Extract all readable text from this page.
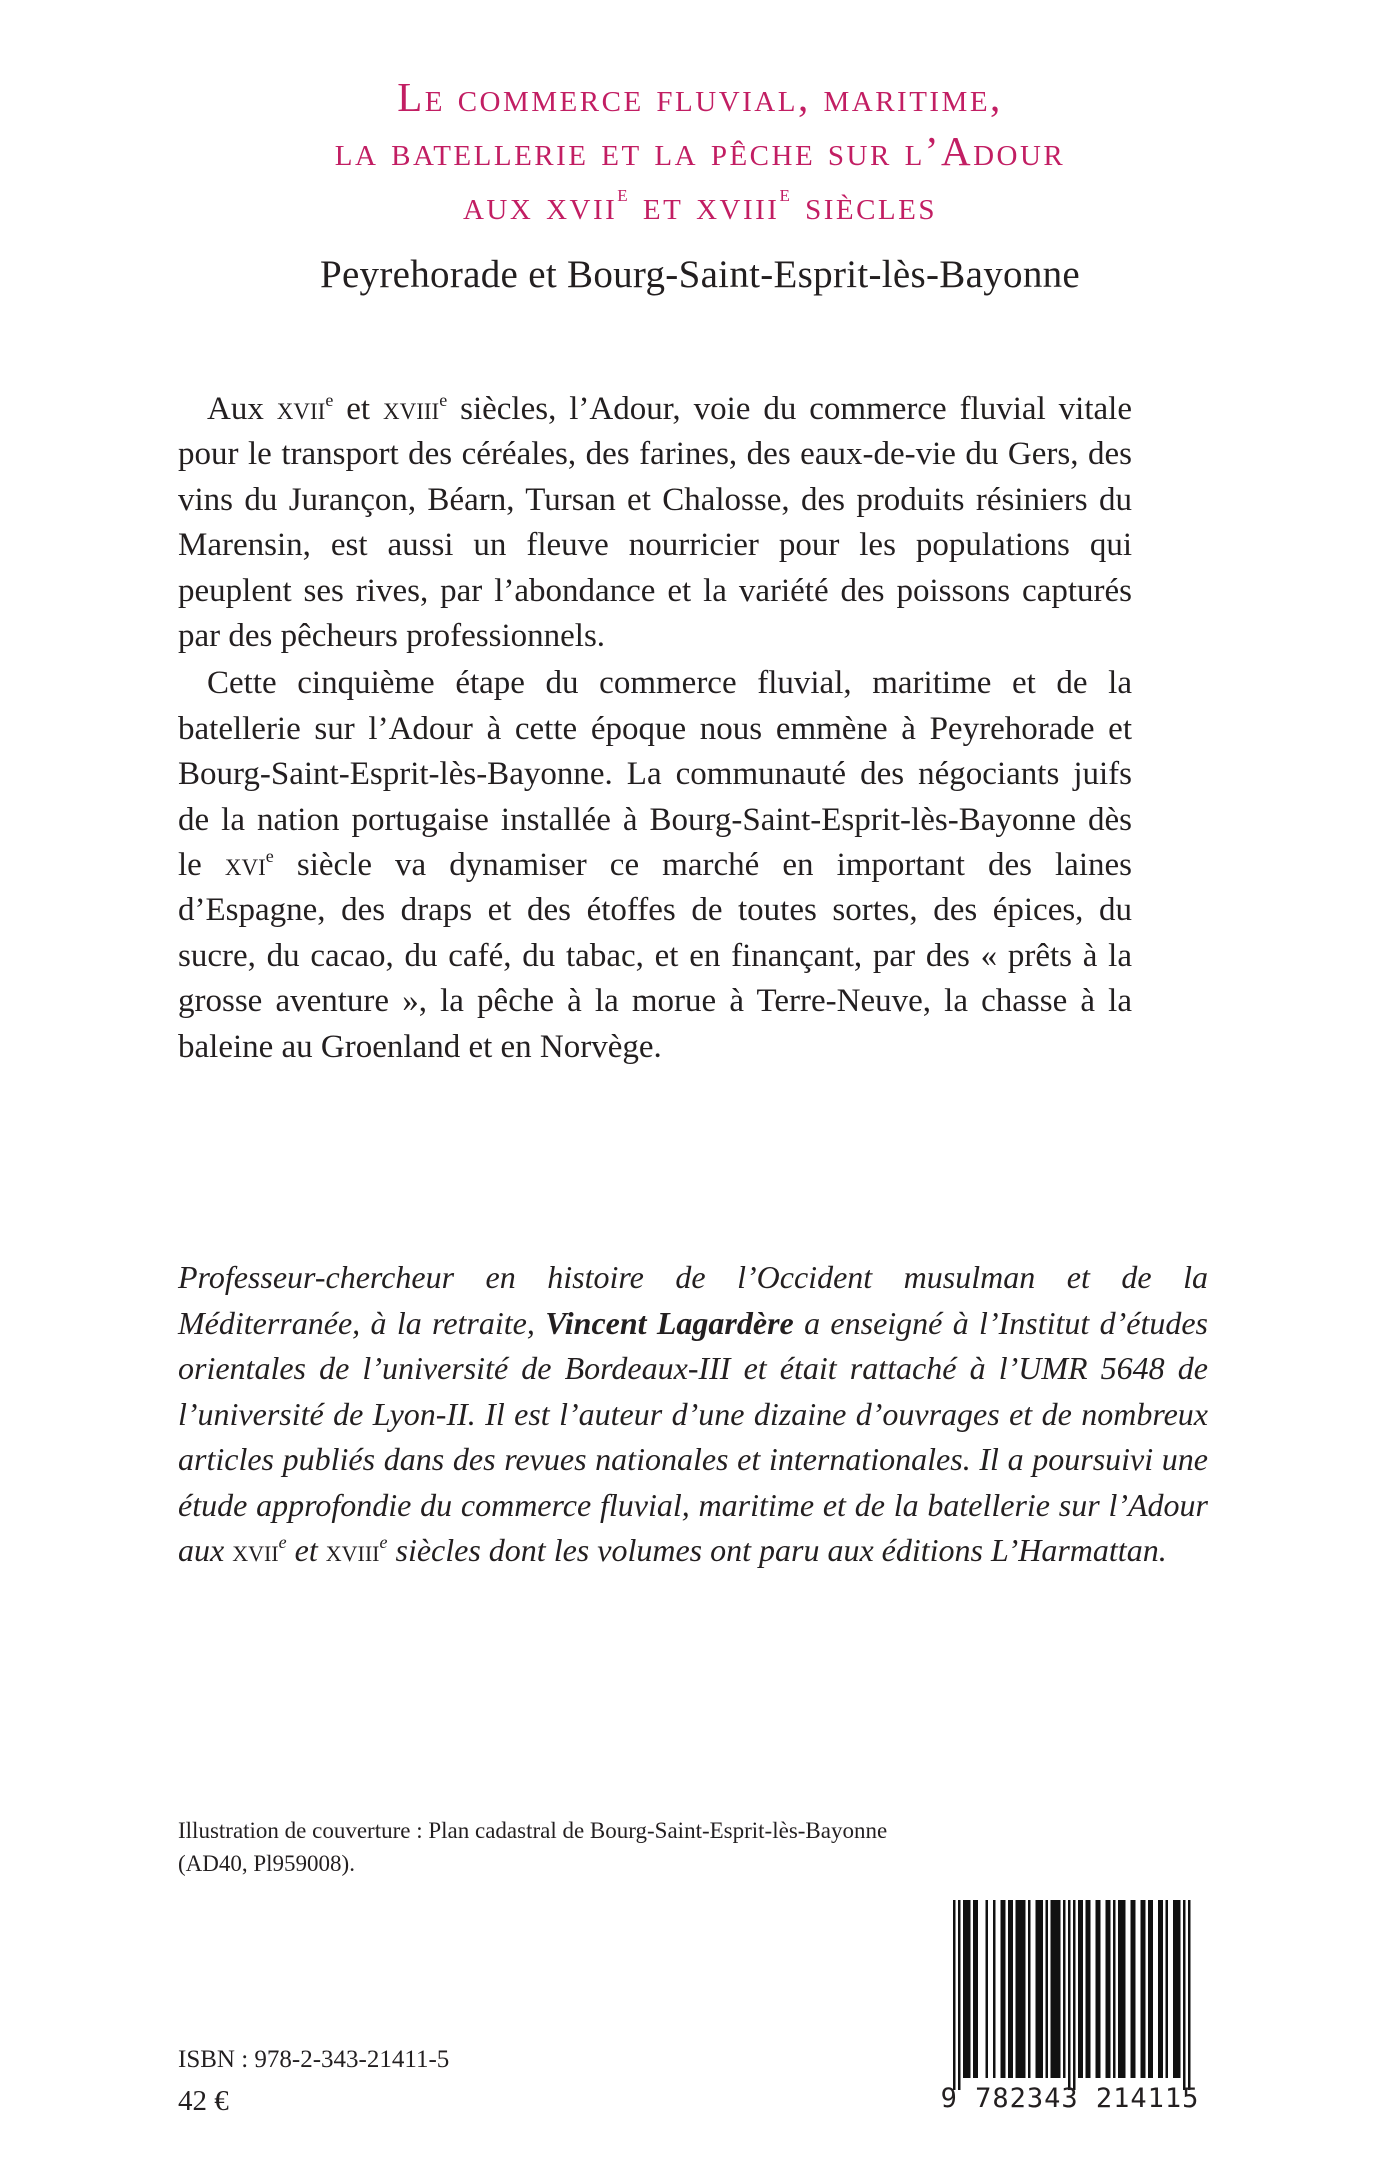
Le commerce fluvial, maritime,
la batellerie et la pêche sur l’Adour
aux xvii$^e$ et xviii$^e$ siècles
Peyrehorade et Bourg-Saint-Esprit-lès-Bayonne

Aux xvii$^e$ et xviii$^e$ siècles, l’Adour, voie du commerce fluvial vitale pour le transport des céréales, des farines, des eaux-de-vie du Gers, des vins du Jurançon, Béarn, Tursan et Chalosse, des produits résiniers du Marensin, est aussi un fleuve nourricier pour les populations qui peuplent ses rives, par l’abondance et la variété des poissons capturés par des pêcheurs professionnels.

Cette cinquième étape du commerce fluvial, maritime et de la batellerie sur l’Adour à cette époque nous emmène à Peyrehorade et Bourg-Saint-Esprit-lès-Bayonne. La communauté des négociants juifs de la nation portugaise installée à Bourg-Saint-Esprit-lès-Bayonne dès le xvi$^e$ siècle va dynamiser ce marché en important des laines d’Espagne, des draps et des étoffes de toutes sortes, des épices, du sucre, du cacao, du café, du tabac, et en finançant, par des « prêts à la grosse aventure », la pêche à la morue à Terre-Neuve, la chasse à la baleine au Groenland et en Norvège.

Professeur-chercheur en histoire de l’Occident musulman et de la Méditerranée, à la retraite, Vincent Lagardère a enseigné à l’Institut d’études orientales de l’université de Bordeaux-III et était rattaché à l’UMR 5648 de l’université de Lyon-II. Il est l’auteur d’une dizaine d’ouvrages et de nombreux articles publiés dans des revues nationales et internationales. Il a poursuivi une étude approfondie du commerce fluvial, maritime et de la batellerie sur l’Adour aux xvii$^e$ et xviii$^e$ siècles dont les volumes ont paru aux éditions L’Harmattan.

Illustration de couverture : Plan cadastral de Bourg-Saint-Esprit-lès-Bayonne
(AD40, Pl959008).
ISBN : 978-2-343-21411-5
42 €	9 782343 214115
